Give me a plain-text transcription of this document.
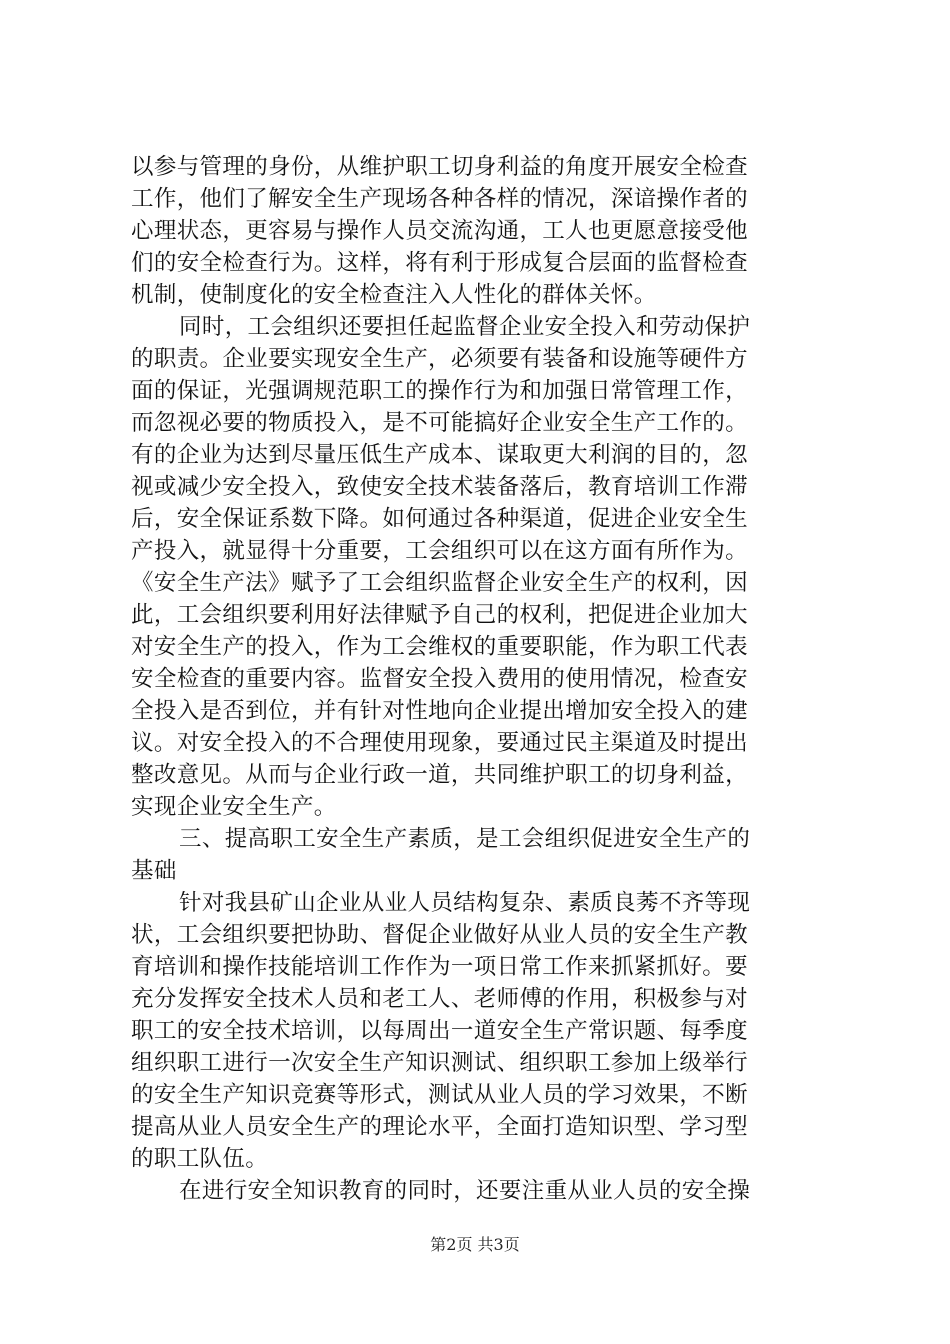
以参与管理的身份，从维护职工切身利益的角度开展安全检查
工作，他们了解安全生产现场各种各样的情况，深谙操作者的
心理状态，更容易与操作人员交流沟通，工人也更愿意接受他
们的安全检查行为。这样，将有利于形成复合层面的监督检查
机制，使制度化的安全检查注入人性化的群体关怀。
同时，工会组织还要担任起监督企业安全投入和劳动保护
的职责。企业要实现安全生产，必须要有装备和设施等硬件方
面的保证，光强调规范职工的操作行为和加强日常管理工作，
而忽视必要的物质投入，是不可能搞好企业安全生产工作的。
有的企业为达到尽量压低生产成本、谋取更大利润的目的，忽
视或减少安全投入，致使安全技术装备落后，教育培训工作滞
后，安全保证系数下降。如何通过各种渠道，促进企业安全生
产投入，就显得十分重要，工会组织可以在这方面有所作为。
《安全生产法》赋予了工会组织监督企业安全生产的权利，因
此，工会组织要利用好法律赋予自己的权利，把促进企业加大
对安全生产的投入，作为工会维权的重要职能，作为职工代表
安全检查的重要内容。监督安全投入费用的使用情况，检查安
全投入是否到位，并有针对性地向企业提出增加安全投入的建
议。对安全投入的不合理使用现象，要通过民主渠道及时提出
整改意见。从而与企业行政一道，共同维护职工的切身利益，
实现企业安全生产。
三、提高职工安全生产素质，是工会组织促进安全生产的
基础
针对我县矿山企业从业人员结构复杂、素质良莠不齐等现
状，工会组织要把协助、督促企业做好从业人员的安全生产教
育培训和操作技能培训工作作为一项日常工作来抓紧抓好。要
充分发挥安全技术人员和老工人、老师傅的作用，积极参与对
职工的安全技术培训，以每周出一道安全生产常识题、每季度
组织职工进行一次安全生产知识测试、组织职工参加上级举行
的安全生产知识竞赛等形式，测试从业人员的学习效果，不断
提高从业人员安全生产的理论水平，全面打造知识型、学习型
的职工队伍。
在进行安全知识教育的同时，还要注重从业人员的安全操
第2页 共3页
